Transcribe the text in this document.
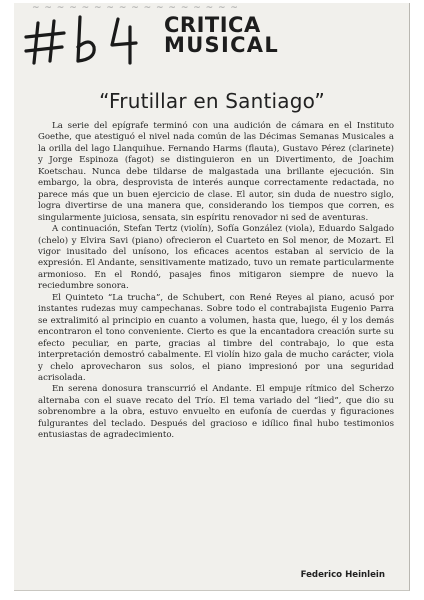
~ ~ ~ ~ ~ ~ ~ ~ ~ ~ ~ ~ ~ ~ ~ ~ ~
CRITICA
MUSICAL
“Frutillar en Santiago”

La serie del epígrafe terminó con una audición de cámara en el Instituto Goethe, que atestiguó el nivel nada común de las Décimas Semanas Musicales a la orilla del lago Llanquihue. Fernando Harms (flauta), Gustavo Pérez (clarinete) y Jorge Espinoza (fagot) se distinguieron en un Divertimento, de Joachim Koetschau. Nunca debe tildarse de malgastada una brillante ejecución. Sin embargo, la obra, desprovista de interés aunque correctamente redactada, no parece más que un buen ejercicio de clase. El autor, sin duda de nuestro siglo, logra divertirse de una manera que, considerando los tiempos que corren, es singularmente juiciosa, sensata, sin espíritu renovador ni sed de aventuras.

A continuación, Stefan Tertz (violín), Sofía González (viola), Eduardo Salgado (chelo) y Elvira Savi (piano) ofrecieron el Cuarteto en Sol menor, de Mozart. El vigor inusitado del unísono, los eficaces acentos estaban al servicio de la expresión. El Andante, sensitivamente matizado, tuvo un remate particularmente armonioso. En el Rondó, pasajes finos mitigaron siempre de nuevo la reciedumbre sonora.

El Quinteto “La trucha”, de Schubert, con René Reyes al piano, acusó por instantes rudezas muy campechanas. Sobre todo el contrabajista Eugenio Parra se extralimitó al principio en cuanto a volumen, hasta que, luego, él y los demás encontraron el tono conveniente. Cierto es que la encantadora creación surte su efecto peculiar, en parte, gracias al timbre del contrabajo, lo que esta interpretación demostró cabalmente. El violín hizo gala de mucho carácter, viola y chelo aprovecharon sus solos, el piano impresionó por una seguridad acrisolada.

En serena donosura transcurrió el Andante. El empuje rítmico del Scherzo alternaba con el suave recato del Trío. El tema variado del “lied”, que dio su sobrenombre a la obra, estuvo envuelto en eufonía de cuerdas y figuraciones fulgurantes del teclado. Después del gracioso e idílico final hubo testimonios entusiastas de agradecimiento.

Federico Heinlein
